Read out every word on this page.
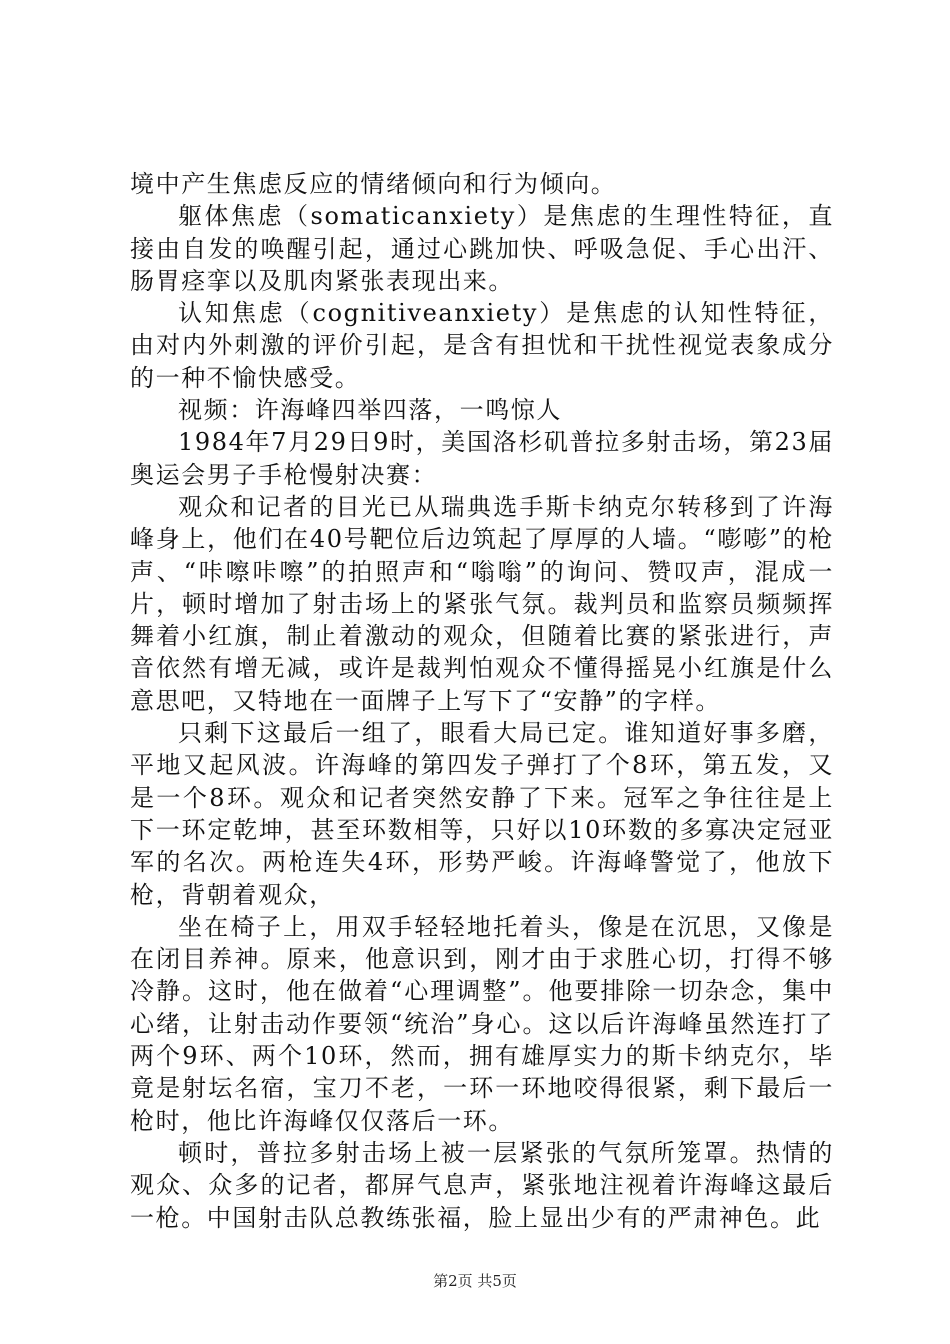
境中产生焦虑反应的情绪倾向和行为倾向。

躯体焦虑（somaticanxiety）是焦虑的生理性特征，直接由自发的唤醒引起，通过心跳加快、呼吸急促、手心出汗、肠胃痉挛以及肌肉紧张表现出来。

认知焦虑（cognitiveanxiety）是焦虑的认知性特征，由对内外刺激的评价引起，是含有担忧和干扰性视觉表象成分的一种不愉快感受。

视频：许海峰四举四落，一鸣惊人

1984年7月29日9时，美国洛杉矶普拉多射击场，第23届奥运会男子手枪慢射决赛：

观众和记者的目光已从瑞典选手斯卡纳克尔转移到了许海峰身上，他们在40号靶位后边筑起了厚厚的人墙。“嘭嘭”的枪声、“咔嚓咔嚓”的拍照声和“嗡嗡”的询问、赞叹声，混成一片，顿时增加了射击场上的紧张气氛。裁判员和监察员频频挥舞着小红旗，制止着激动的观众，但随着比赛的紧张进行，声音依然有增无减，或许是裁判怕观众不懂得摇晃小红旗是什么意思吧，又特地在一面牌子上写下了“安静”的字样。

只剩下这最后一组了，眼看大局已定。谁知道好事多磨，平地又起风波。许海峰的第四发子弹打了个8环，第五发，又是一个8环。观众和记者突然安静了下来。冠军之争往往是上下一环定乾坤，甚至环数相等，只好以10环数的多寡决定冠亚军的名次。两枪连失4环，形势严峻。许海峰警觉了，他放下枪，背朝着观众，

坐在椅子上，用双手轻轻地托着头，像是在沉思，又像是在闭目养神。原来，他意识到，刚才由于求胜心切，打得不够冷静。这时，他在做着“心理调整”。他要排除一切杂念，集中心绪，让射击动作要领“统治”身心。这以后许海峰虽然连打了两个9环、两个10环，然而，拥有雄厚实力的斯卡纳克尔，毕竟是射坛名宿，宝刀不老，一环一环地咬得很紧，剩下最后一枪时，他比许海峰仅仅落后一环。

顿时，普拉多射击场上被一层紧张的气氛所笼罩。热情的观众、众多的记者，都屏气息声，紧张地注视着许海峰这最后一枪。中国射击队总教练张福，脸上显出少有的严肃神色。此

第2页 共5页
